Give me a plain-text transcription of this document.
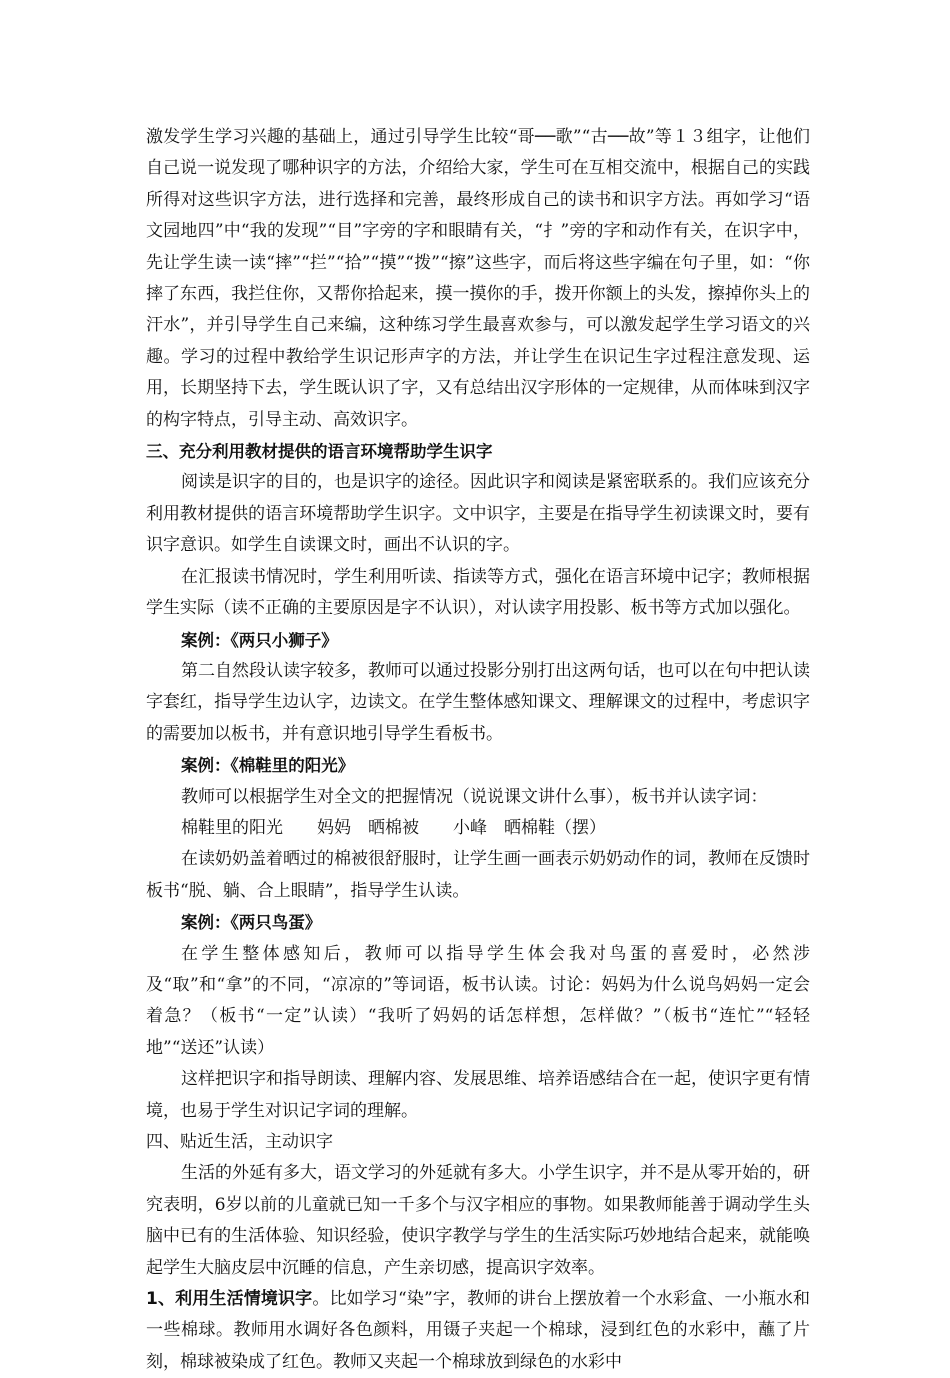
激发学生学习兴趣的基础上，通过引导学生比较“哥──歌”“古──故”等１３组字，让他们自己说一说发现了哪种识字的方法，介绍给大家，学生可在互相交流中，根据自己的实践所得对这些识字方法，进行选择和完善，最终形成自己的读书和识字方法。再如学习“语文园地四”中“我的发现”“目”字旁的字和眼睛有关，“扌”旁的字和动作有关，在识字中，先让学生读一读“摔”“拦”“拾”“摸”“拨”“擦”这些字，而后将这些字编在句子里，如：“你摔了东西，我拦住你，又帮你拾起来，摸一摸你的手，拨开你额上的头发，擦掉你头上的汗水”，并引导学生自己来编，这种练习学生最喜欢参与，可以激发起学生学习语文的兴趣。学习的过程中教给学生识记形声字的方法，并让学生在识记生字过程注意发现、运用，长期坚持下去，学生既认识了字，又有总结出汉字形体的一定规律，从而体味到汉字的构字特点，引导主动、高效识字。

三、充分利用教材提供的语言环境帮助学生识字

阅读是识字的目的，也是识字的途径。因此识字和阅读是紧密联系的。我们应该充分利用教材提供的语言环境帮助学生识字。文中识字，主要是在指导学生初读课文时，要有识字意识。如学生自读课文时，画出不认识的字。

在汇报读书情况时，学生利用听读、指读等方式，强化在语言环境中记字；教师根据学生实际（读不正确的主要原因是字不认识），对认读字用投影、板书等方式加以强化。

案例：《两只小狮子》

第二自然段认读字较多，教师可以通过投影分别打出这两句话，也可以在句中把认读字套红，指导学生边认字，边读文。在学生整体感知课文、理解课文的过程中，考虑识字的需要加以板书，并有意识地引导学生看板书。

案例：《棉鞋里的阳光》

教师可以根据学生对全文的把握情况（说说课文讲什么事），板书并认读字词：

棉鞋里的阳光　　妈妈　晒棉被　　小峰　晒棉鞋（摆）

在读奶奶盖着晒过的棉被很舒服时，让学生画一画表示奶奶动作的词，教师在反馈时板书“脱、躺、合上眼睛”，指导学生认读。

案例：《两只鸟蛋》

在学生整体感知后，教师可以指导学生体会我对鸟蛋的喜爱时，必然涉及“取”和“拿”的不同，“凉凉的”等词语，板书认读。讨论：妈妈为什么说鸟妈妈一定会着急？（板书“一定”认读）“我听了妈妈的话怎样想，怎样做？”（板书“连忙”“轻轻地”“送还”认读）

这样把识字和指导朗读、理解内容、发展思维、培养语感结合在一起，使识字更有情境，也易于学生对识记字词的理解。

四、贴近生活，主动识字

生活的外延有多大，语文学习的外延就有多大。小学生识字，并不是从零开始的，研究表明，6岁以前的儿童就已知一千多个与汉字相应的事物。如果教师能善于调动学生头脑中已有的生活体验、知识经验，使识字教学与学生的生活实际巧妙地结合起来，就能唤起学生大脑皮层中沉睡的信息，产生亲切感，提高识字效率。

1、利用生活情境识字。比如学习“染”字，教师的讲台上摆放着一个水彩盒、一小瓶水和一些棉球。教师用水调好各色颜料，用镊子夹起一个棉球，浸到红色的水彩中，蘸了片刻，棉球被染成了红色。教师又夹起一个棉球放到绿色的水彩中
